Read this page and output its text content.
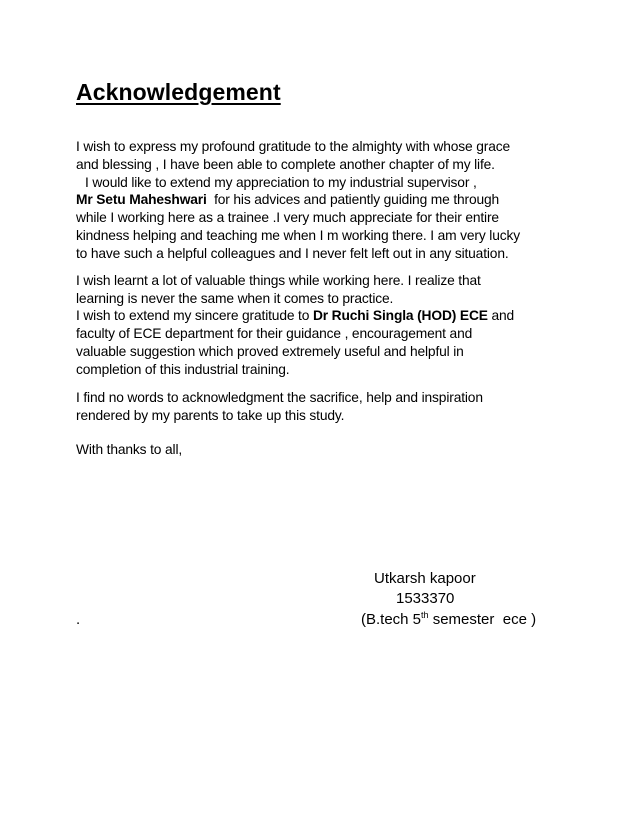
Acknowledgement
I wish to express my profound gratitude to the almighty with whose grace
and blessing , I have been able to complete another chapter of my life.
I would like to extend my appreciation to my industrial supervisor ,
Mr Setu Maheshwari  for his advices and patiently guiding me through
while I working here as a trainee .I very much appreciate for their entire
kindness helping and teaching me when I m working there. I am very lucky
to have such a helpful colleagues and I never felt left out in any situation.
I wish learnt a lot of valuable things while working here. I realize that
learning is never the same when it comes to practice.
I wish to extend my sincere gratitude to Dr Ruchi Singla (HOD) ECE and
faculty of ECE department for their guidance , encouragement and
valuable suggestion which proved extremely useful and helpful in
completion of this industrial training.
I find no words to acknowledgment the sacrifice, help and inspiration
rendered by my parents to take up this study.
With thanks to all,
Utkarsh kapoor
1533370
.	(B.tech 5th semester  ece )
